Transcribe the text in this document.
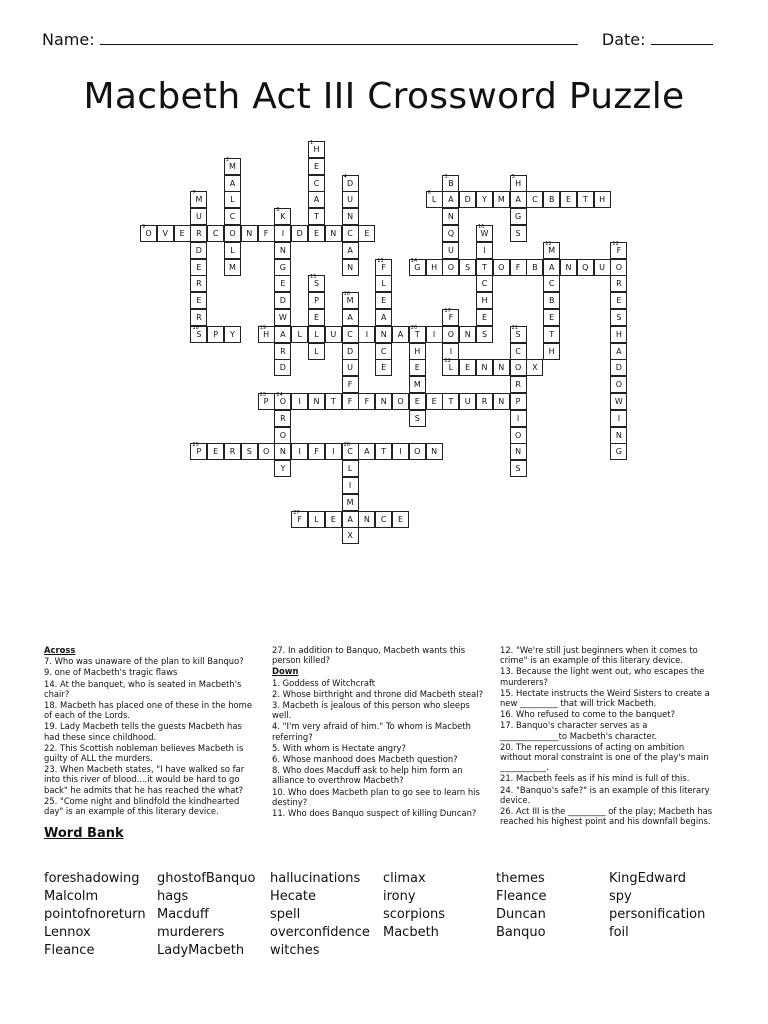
Name:	Date:
Macbeth Act III Crossword Puzzle
H
1
E
C
A
T
E
M
2
A
L
C
O
L
M
D
4
U
N
C
A
N
B
3
A
N
Q
U
O
H
5
A
G
S
L
6
D	Y	M	C	B	E	T	H
M
7
U
R
D
E
R
E
R
K
8
I
N
G
E
D
W
A
R
D
O
9
V	E	C	N	F	D	N	E	W
10
I
T
C
H
E
S
M
11
A
C
B
E
T
H
F
12
O
R
E
S
H
A
D
O
W
I
N
G
F
13
L
E
A
N
C
E
G
14
H	S	O	F	B	N	Q	U
S
15
P
E
L
L
M
16
A
C
D
U
F
F
F
17
O
I
L
22
S
18
P	Y	H
19
L	U	I	A	T
20
I	N
H
E
M
E
S
S
21
C
O
R
P
I
O
N
S
E	N	N	X
P
23
O
24
I	N	T	F	N	O	E	T	U	R	N
R
O
N
Y
P
25
E	R	S	O	I	F	I	C
26
A	T	I	O	N
L
I
M
A
X
F
27
L	E	N	C	E
Across
7. Who was unaware of the plan to kill Banquo?
9. one of Macbeth's tragic flaws
14. At the banquet, who is seated in Macbeth's chair?
18. Macbeth has placed one of these in the home of each of the Lords.
19. Lady Macbeth tells the guests Macbeth has had these since childhood.
22. This Scottish nobleman believes Macbeth is guilty of ALL the murders.
23. When Macbeth states, "I have walked so far into this river of blood....it would be hard to go back" he admits that he has reached the what?
25. "Come night and blindfold the kindhearted day" is an example of this literary device.
27. In addition to Banquo, Macbeth wants this person killed?
Down
1. Goddess of Witchcraft
2. Whose birthright and throne did Macbeth steal?
3. Macbeth is jealous of this person who sleeps well.
4. "I'm very afraid of him." To whom is Macbeth referring?
5. With whom is Hectate angry?
6. Whose manhood does Macbeth question?
8. Who does Macduff ask to help him form an alliance to overthrow Macbeth?
10. Who does Macbeth plan to go see to learn his destiny?
11. Who does Banquo suspect of killing Duncan?
12. "We're still just beginners when it comes to crime" is an example of this literary device.
13. Because the light went out, who escapes the murderers?
15. Hectate instructs the Weird Sisters to create a new _________ that will trick Macbeth.
16. Who refused to come to the banquet?
17. Banquo's character serves as a ______________to Macbeth's character.
20. The repercussions of acting on ambition without moral constraint is one of the play's main ___________.
21. Macbeth feels as if his mind is full of this.
24. "Banquo's safe?" is an example of this literary device.
26. Act III is the _________ of the play; Macbeth has reached his highest point and his downfall begins.
Word Bank
foreshadowing	ghostofBanquo	hallucinations	climax	themes	KingEdward
Malcolm	hags	Hecate	irony	Fleance	spy
pointofnoreturn Macduff	spell	scorpions	Duncan	personification
Lennox	murderers	overconfidence	Macbeth	Banquo	foil
Fleance	LadyMacbeth	witches
